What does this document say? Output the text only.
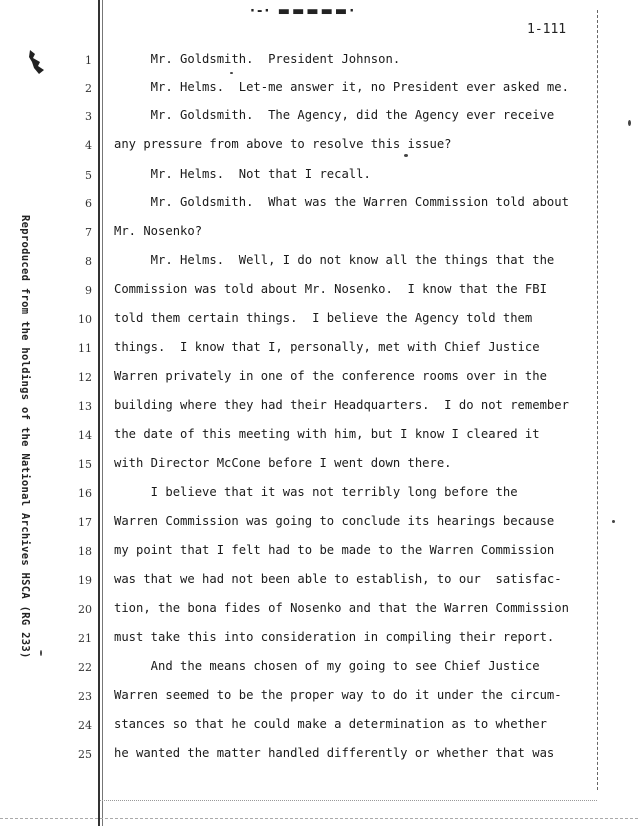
·-· ▬▬▬▬▬·
1-111
Reproduced from the holdings of the National Archives HSCA (RG 233)
1 Mr. Goldsmith.  President Johnson.
2 Mr. Helms.  Let-me answer it, no President ever asked me.
3 Mr. Goldsmith.  The Agency, did the Agency ever receive
4 any pressure from above to resolve this issue?
5 Mr. Helms.  Not that I recall.
6 Mr. Goldsmith.  What was the Warren Commission told about
7 Mr. Nosenko?
8 Mr. Helms.  Well, I do not know all the things that the
9 Commission was told about Mr. Nosenko.  I know that the FBI
10 told them certain things.  I believe the Agency told them
11 things.  I know that I, personally, met with Chief Justice
12 Warren privately in one of the conference rooms over in the
13 building where they had their Headquarters.  I do not remember
14 the date of this meeting with him, but I know I cleared it
15 with Director McCone before I went down there.
16 I believe that it was not terribly long before the
17 Warren Commission was going to conclude its hearings because
18 my point that I felt had to be made to the Warren Commission
19 was that we had not been able to establish, to our  satisfac-
20 tion, the bona fides of Nosenko and that the Warren Commission
21 must take this into consideration in compiling their report.
22 And the means chosen of my going to see Chief Justice
23 Warren seemed to be the proper way to do it under the circum-
24 stances so that he could make a determination as to whether
25 he wanted the matter handled differently or whether that was
